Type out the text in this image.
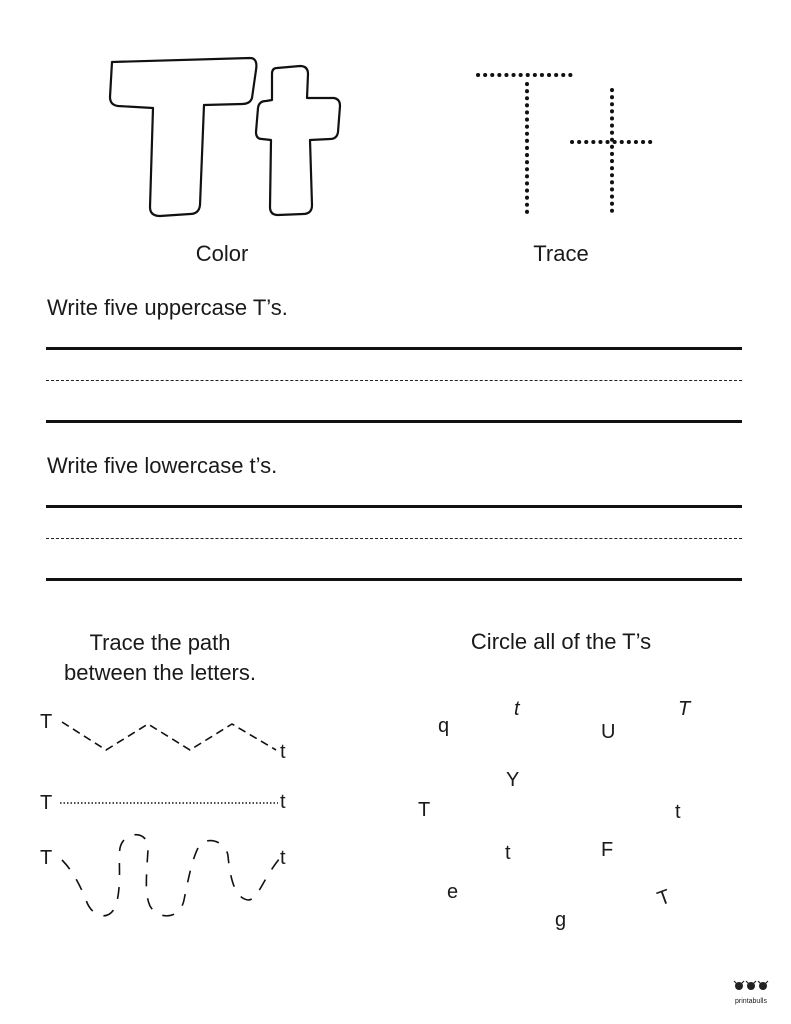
Color	Trace
Write five uppercase T’s.
Write five lowercase t’s.
Trace the path
between the letters.
T
t
T	t
T	t
Circle all of the T’s
q
t
U
T
Y
T	t
t	F
e
g
T
printabulls
